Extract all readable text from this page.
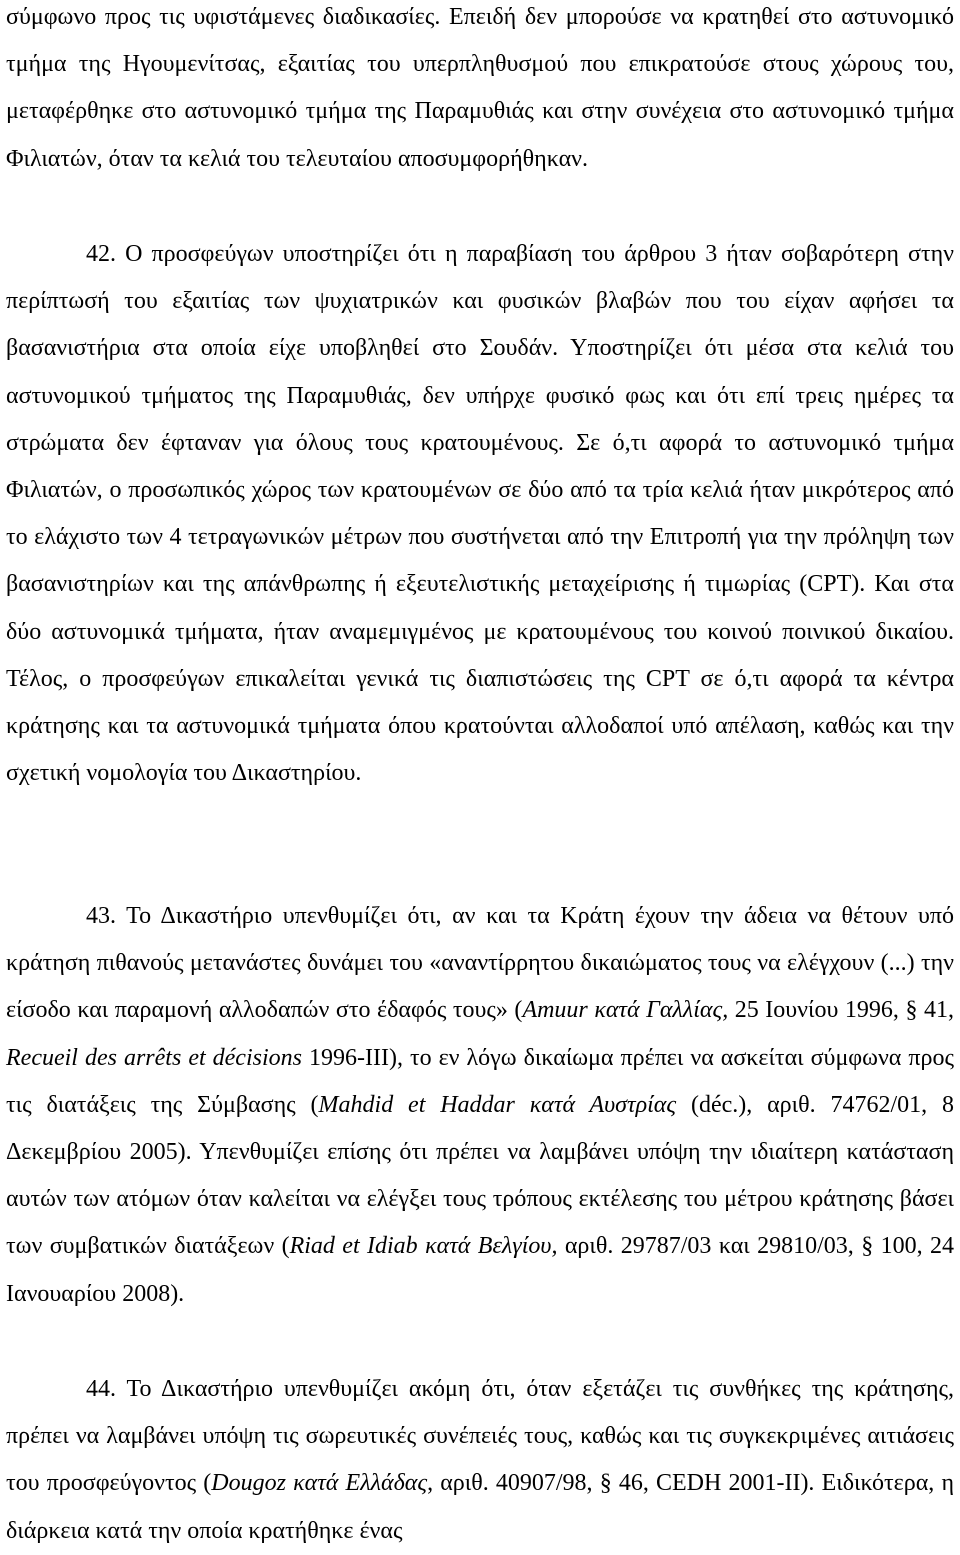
σύμφωνο προς τις υφιστάμενες διαδικασίες. Επειδή δεν μπορούσε να κρατηθεί στο αστυνομικό τμήμα της Ηγουμενίτσας, εξαιτίας του υπερπληθυσμού που επικρατούσε στους χώρους του, μεταφέρθηκε στο αστυνομικό τμήμα της Παραμυθιάς και στην συνέχεια στο αστυνομικό τμήμα Φιλιατών, όταν τα κελιά του τελευταίου αποσυμφορήθηκαν.

42. Ο προσφεύγων υποστηρίζει ότι η παραβίαση του άρθρου 3 ήταν σοβαρότερη στην περίπτωσή του εξαιτίας των ψυχιατρικών και φυσικών βλαβών που του είχαν αφήσει τα βασανιστήρια στα οποία είχε υποβληθεί στο Σουδάν. Υποστηρίζει ότι μέσα στα κελιά του αστυνομικού τμήματος της Παραμυθιάς, δεν υπήρχε φυσικό φως και ότι επί τρεις ημέρες τα στρώματα δεν έφταναν για όλους τους κρατουμένους. Σε ό,τι αφορά το αστυνομικό τμήμα Φιλιατών, ο προσωπικός χώρος των κρατουμένων σε δύο από τα τρία κελιά ήταν μικρότερος από το ελάχιστο των 4 τετραγωνικών μέτρων που συστήνεται από την Επιτροπή για την πρόληψη των βασανιστηρίων και της απάνθρωπης ή εξευτελιστικής μεταχείρισης ή τιμωρίας (CPT). Και στα δύο αστυνομικά τμήματα, ήταν αναμεμιγμένος με κρατουμένους του κοινού ποινικού δικαίου. Τέλος, ο προσφεύγων επικαλείται γενικά τις διαπιστώσεις της CPT σε ό,τι αφορά τα κέντρα κράτησης και τα αστυνομικά τμήματα όπου κρατούνται αλλοδαποί υπό απέλαση, καθώς και την σχετική νομολογία του Δικαστηρίου.

43. Το Δικαστήριο υπενθυμίζει ότι, αν και τα Κράτη έχουν την άδεια να θέτουν υπό κράτηση πιθανούς μετανάστες δυνάμει του «αναντίρρητου δικαιώματος τους να ελέγχουν (...) την είσοδο και παραμονή αλλοδαπών στο έδαφός τους» (Amuur κατά Γαλλίας, 25 Ιουνίου 1996, § 41, Recueil des arrêts et décisions 1996-III), το εν λόγω δικαίωμα πρέπει να ασκείται σύμφωνα προς τις διατάξεις της Σύμβασης (Mahdid et Haddar κατά Αυστρίας (déc.), αριθ. 74762/01, 8 Δεκεμβρίου 2005). Υπενθυμίζει επίσης ότι πρέπει να λαμβάνει υπόψη την ιδιαίτερη κατάσταση αυτών των ατόμων όταν καλείται να ελέγξει τους τρόπους εκτέλεσης του μέτρου κράτησης βάσει των συμβατικών διατάξεων (Riad et Idiab κατά Βελγίου, αριθ. 29787/03 και 29810/03, § 100, 24 Ιανουαρίου 2008).

44. Το Δικαστήριο υπενθυμίζει ακόμη ότι, όταν εξετάζει τις συνθήκες της κράτησης, πρέπει να λαμβάνει υπόψη τις σωρευτικές συνέπειές τους, καθώς και τις συγκεκριμένες αιτιάσεις του προσφεύγοντος (Dougoz κατά Ελλάδας, αριθ. 40907/98, § 46, CEDH 2001-II). Ειδικότερα, η διάρκεια κατά την οποία κρατήθηκε ένας
